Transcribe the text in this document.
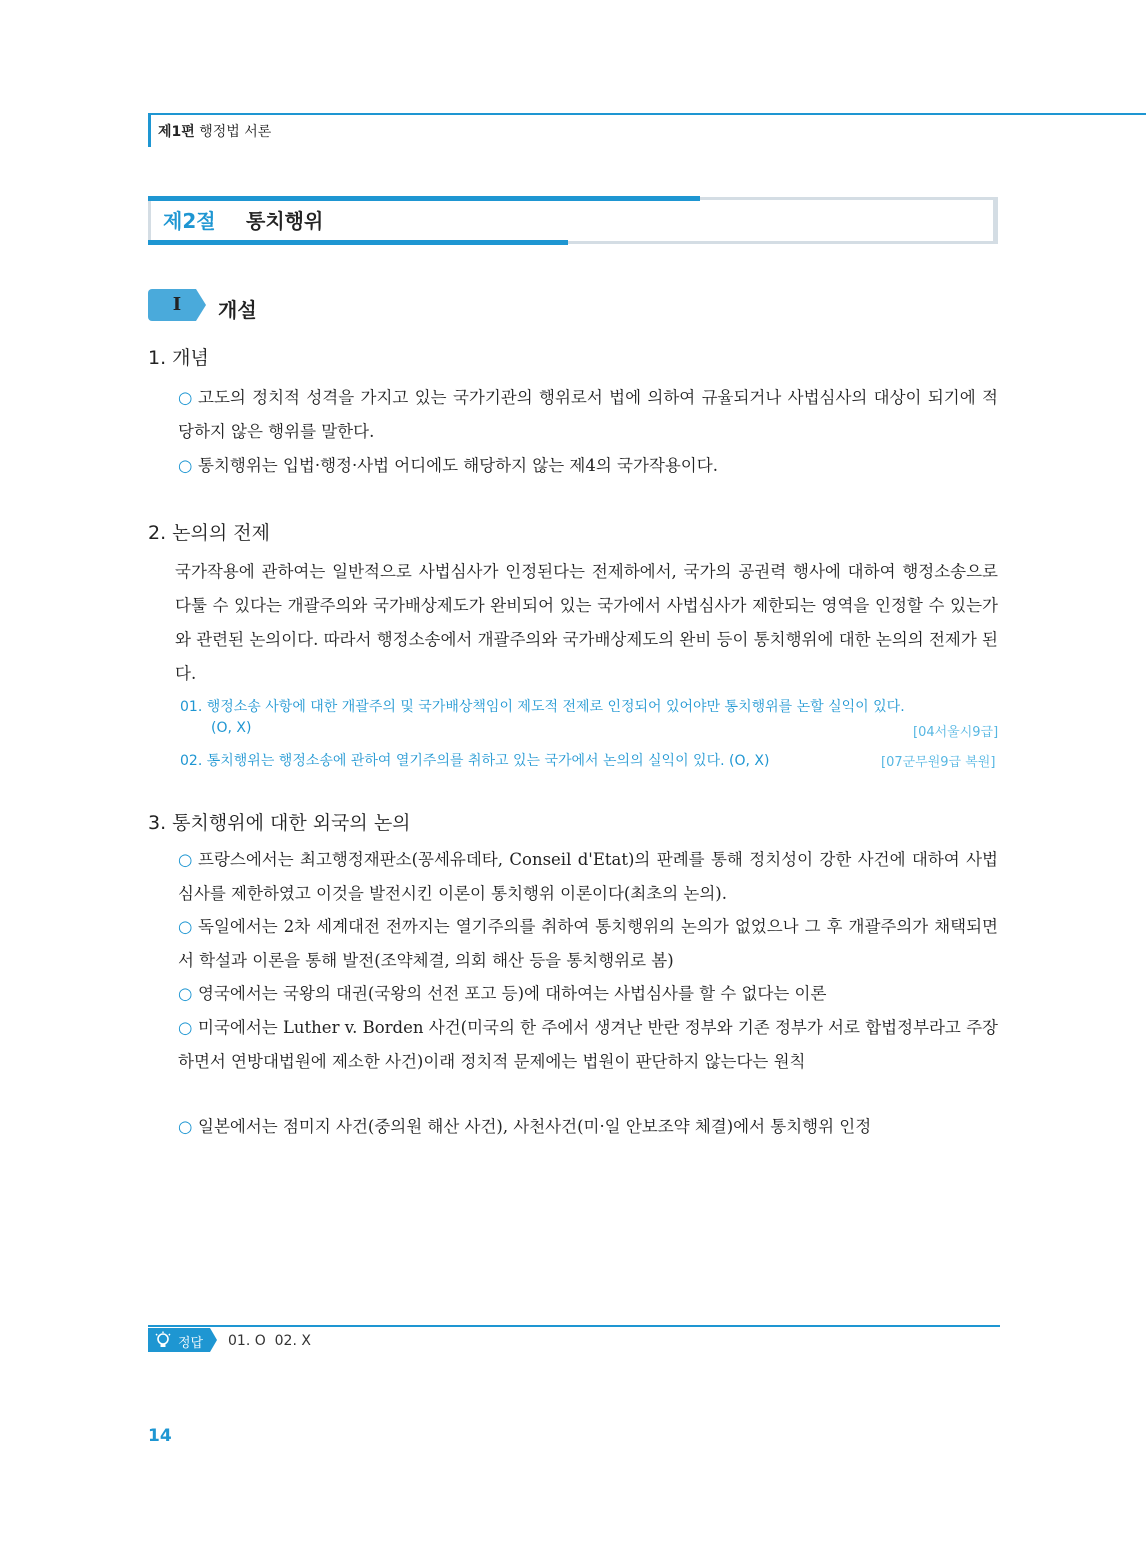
제1편 행정법 서론
제2절 통치행위
I	개설
1. 개념
○ 고도의 정치적 성격을 가지고 있는 국가기관의 행위로서 법에 의하여 규율되거나 사법심사의 대상이 되기에 적당하지 않은 행위를 말한다.
○ 통치행위는 입법·행정·사법 어디에도 해당하지 않는 제4의 국가작용이다.
2. 논의의 전제
국가작용에 관하여는 일반적으로 사법심사가 인정된다는 전제하에서, 국가의 공권력 행사에 대하여 행정소송으로 다툴 수 있다는 개괄주의와 국가배상제도가 완비되어 있는 국가에서 사법심사가 제한되는 영역을 인정할 수 있는가와 관련된 논의이다. 따라서 행정소송에서 개괄주의와 국가배상제도의 완비 등이 통치행위에 대한 논의의 전제가 된다.
01. 행정소송 사항에 대한 개괄주의 및 국가배상책임이 제도적 전제로 인정되어 있어야만 통치행위를 논할 실익이 있다.
(O, X)	[04서울시9급]
02. 통치행위는 행정소송에 관하여 열기주의를 취하고 있는 국가에서 논의의 실익이 있다. (O, X)	[07군무원9급 복원]
3. 통치행위에 대한 외국의 논의
○ 프랑스에서는 최고행정재판소(꽁세유데타, Conseil d'Etat)의 판례를 통해 정치성이 강한 사건에 대하여 사법심사를 제한하였고 이것을 발전시킨 이론이 통치행위 이론이다(최초의 논의).
○ 독일에서는 2차 세계대전 전까지는 열기주의를 취하여 통치행위의 논의가 없었으나 그 후 개괄주의가 채택되면서 학설과 이론을 통해 발전(조약체결, 의회 해산 등을 통치행위로 봄)
○ 영국에서는 국왕의 대권(국왕의 선전 포고 등)에 대하여는 사법심사를 할 수 없다는 이론
○ 미국에서는 Luther v. Borden 사건(미국의 한 주에서 생겨난 반란 정부와 기존 정부가 서로 합법정부라고 주장하면서 연방대법원에 제소한 사건)이래 정치적 문제에는 법원이 판단하지 않는다는 원칙
○ 일본에서는 점미지 사건(중의원 해산 사건), 사천사건(미·일 안보조약 체결)에서 통치행위 인정
정답 01. O  02. X
14
